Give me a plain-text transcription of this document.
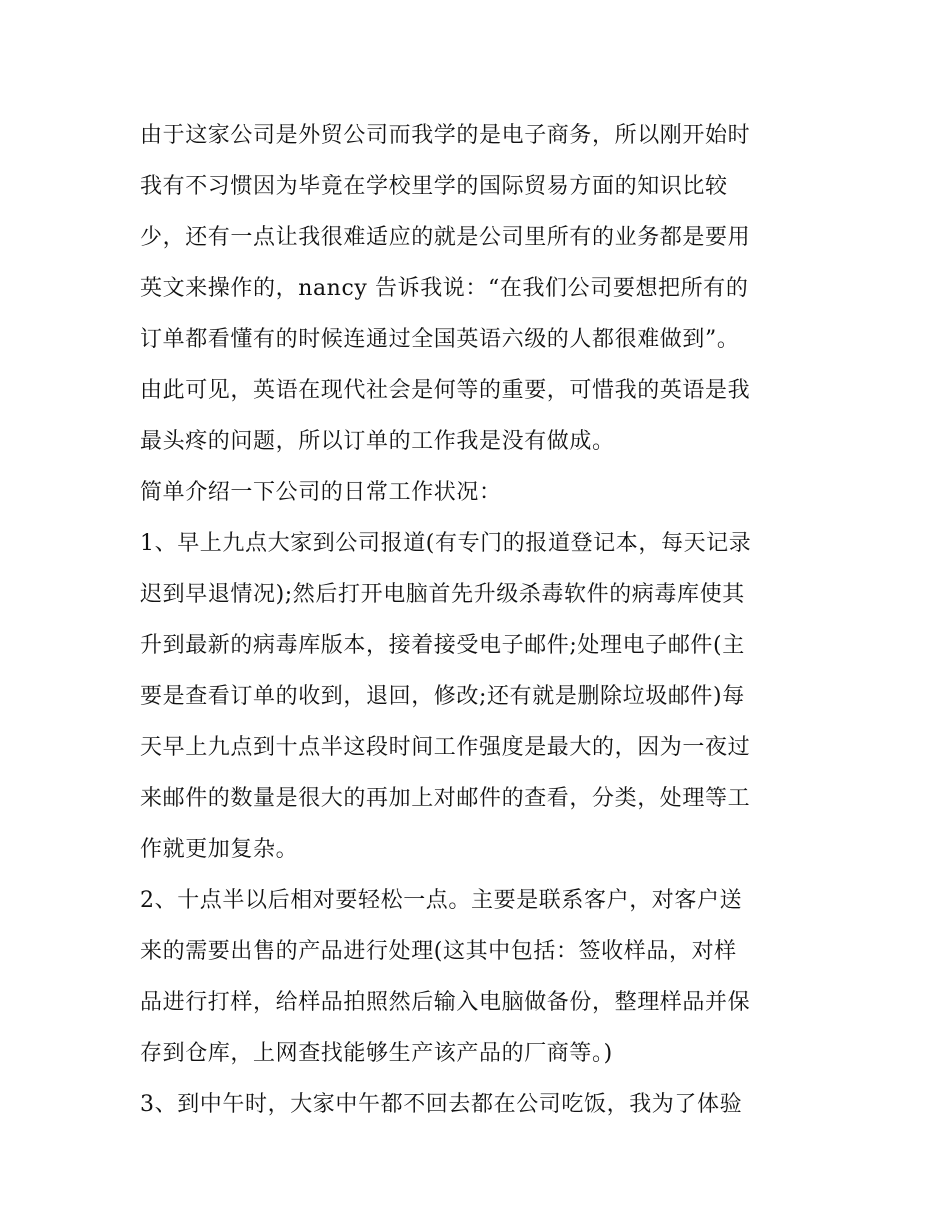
由于这家公司是外贸公司而我学的是电子商务，所以刚开始时
我有不习惯因为毕竟在学校里学的国际贸易方面的知识比较
少，还有一点让我很难适应的就是公司里所有的业务都是要用
英文来操作的，nancy 告诉我说：“在我们公司要想把所有的
订单都看懂有的时候连通过全国英语六级的人都很难做到”。
由此可见，英语在现代社会是何等的重要，可惜我的英语是我
最头疼的问题，所以订单的工作我是没有做成。
简单介绍一下公司的日常工作状况：
1、早上九点大家到公司报道(有专门的报道登记本，每天记录
迟到早退情况);然后打开电脑首先升级杀毒软件的病毒库使其
升到最新的病毒库版本，接着接受电子邮件;处理电子邮件(主
要是查看订单的收到，退回，修改;还有就是删除垃圾邮件)每
天早上九点到十点半这段时间工作强度是最大的，因为一夜过
来邮件的数量是很大的再加上对邮件的查看，分类，处理等工
作就更加复杂。
2、十点半以后相对要轻松一点。主要是联系客户，对客户送
来的需要出售的产品进行处理(这其中包括：签收样品，对样
品进行打样，给样品拍照然后输入电脑做备份，整理样品并保
存到仓库，上网查找能够生产该产品的厂商等。)
3、到中午时，大家中午都不回去都在公司吃饭，我为了体验
